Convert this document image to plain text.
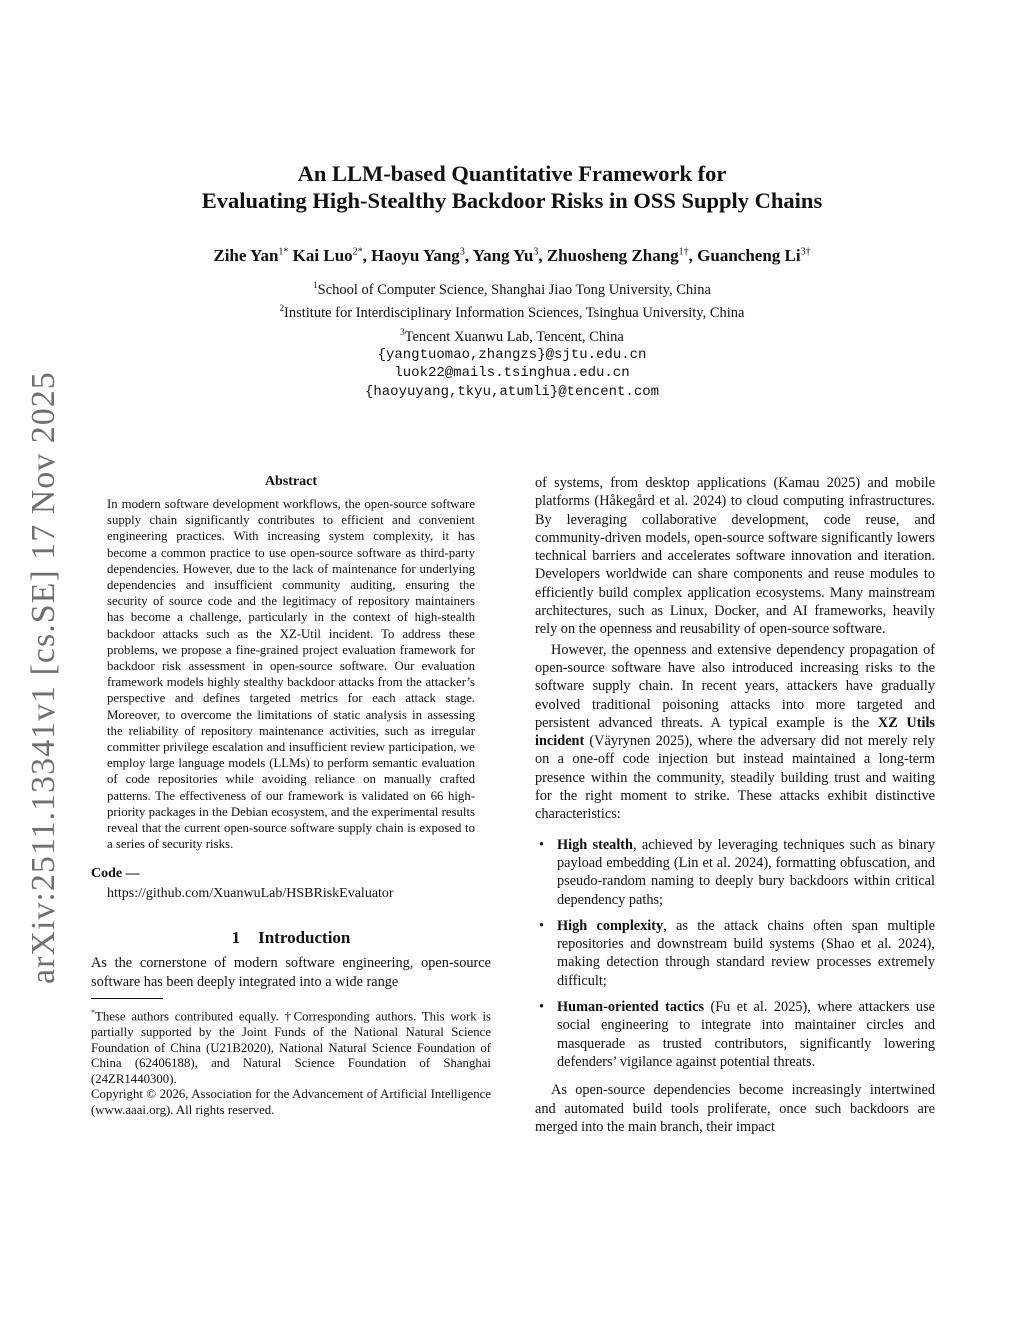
arXiv:2511.13341v1 [cs.SE] 17 Nov 2025
An LLM-based Quantitative Framework for
Evaluating High-Stealthy Backdoor Risks in OSS Supply Chains
Zihe Yan$^{1*}$ Kai Luo$^{2*}$, Haoyu Yang$^3$, Yang Yu$^3$, Zhuosheng Zhang$^{1\dagger}$, Guancheng $Li^{3\dagger}$
$^1$School of Computer Science, Shanghai Jiao Tong University, China
$^2$Institute for Interdisciplinary Information Sciences, Tsinghua University, China
$^3$Tencent Xuanwu Lab, Tencent, China
{yangtuomao,zhangzs}@sjtu.edu.cn
luok22@mails.tsinghua.edu.cn
{haoyuyang,tkyu,atumli}@tencent.com
Abstract

In modern software development workflows, the open-source software supply chain significantly contributes to efficient and convenient engineering practices. With increasing system complexity, it has become a common practice to use open-source software as third-party dependencies. However, due to the lack of maintenance for underlying dependencies and insufficient community auditing, ensuring the security of source code and the legitimacy of repository maintainers has become a challenge, particularly in the context of high-stealth backdoor attacks such as the XZ-Util incident. To address these problems, we propose a fine-grained project evaluation framework for backdoor risk assessment in open-source software. Our evaluation framework models highly stealthy backdoor attacks from the attacker’s perspective and defines targeted metrics for each attack stage. Moreover, to overcome the limitations of static analysis in assessing the reliability of repository maintenance activities, such as irregular committer privilege escalation and insufficient review participation, we employ large language models (LLMs) to perform semantic evaluation of code repositories while avoiding reliance on manually crafted patterns. The effectiveness of our framework is validated on 66 high-priority packages in the Debian ecosystem, and the experimental results reveal that the current open-source software supply chain is exposed to a series of security risks.

Code —
https://github.com/XuanwuLab/HSBRiskEvaluator
1 Introduction

As the cornerstone of modern software engineering, open-source software has been deeply integrated into a wide range

*These authors contributed equally. †Corresponding authors. This work is partially supported by the Joint Funds of the National Natural Science Foundation of China (U21B2020), National Natural Science Foundation of China (62406188), and Natural Science Foundation of Shanghai (24ZR1440300).

Copyright © 2026, Association for the Advancement of Artificial Intelligence (www.aaai.org). All rights reserved.

of systems, from desktop applications (Kamau 2025) and mobile platforms (Håkegård et al. 2024) to cloud computing infrastructures. By leveraging collaborative development, code reuse, and community-driven models, open-source software significantly lowers technical barriers and accelerates software innovation and iteration. Developers worldwide can share components and reuse modules to efficiently build complex application ecosystems. Many mainstream architectures, such as Linux, Docker, and AI frameworks, heavily rely on the openness and reusability of open-source software.

However, the openness and extensive dependency propagation of open-source software have also introduced increasing risks to the software supply chain. In recent years, attackers have gradually evolved traditional poisoning attacks into more targeted and persistent advanced threats. A typical example is the XZ Utils incident (Väyrynen 2025), where the adversary did not merely rely on a one-off code injection but instead maintained a long-term presence within the community, steadily building trust and waiting for the right moment to strike. These attacks exhibit distinctive characteristics:

• High stealth, achieved by leveraging techniques such as binary payload embedding (Lin et al. 2024), formatting obfuscation, and pseudo-random naming to deeply bury backdoors within critical dependency paths;
• High complexity, as the attack chains often span multiple repositories and downstream build systems (Shao et al. 2024), making detection through standard review processes extremely difficult;
• Human-oriented tactics (Fu et al. 2025), where attackers use social engineering to integrate into maintainer circles and masquerade as trusted contributors, significantly lowering defenders’ vigilance against potential threats.

As open-source dependencies become increasingly intertwined and automated build tools proliferate, once such backdoors are merged into the main branch, their impact
